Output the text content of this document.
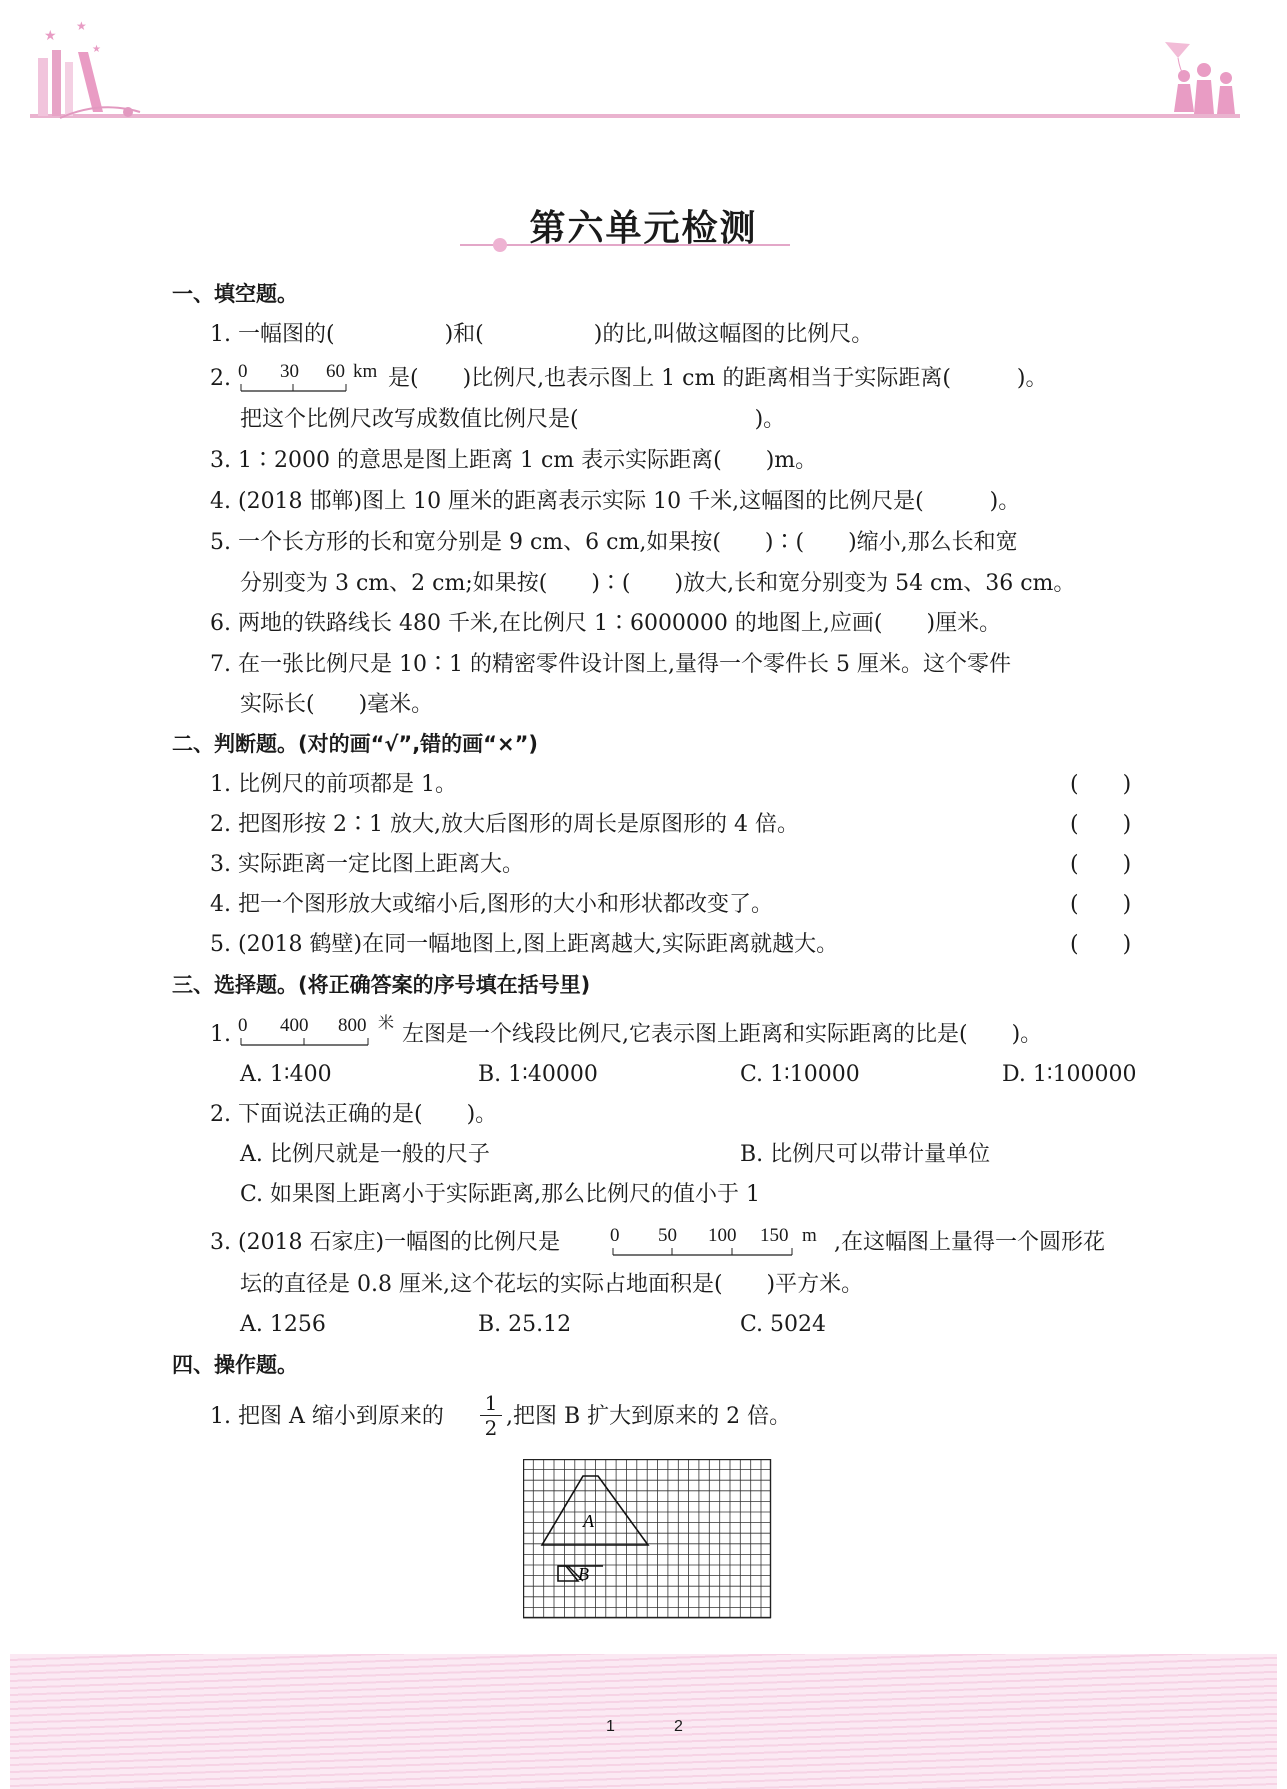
★
★
★
第六单元检测
一、填空题。
1. 一幅图的(　　　　　)和(　　　　　)的比,叫做这幅图的比例尺。
2. 0 30 60 km 是(　　)比例尺,也表示图上 1 cm 的距离相当于实际距离(　　　)。
把这个比例尺改写成数值比例尺是(　　　　　　　　)。
3. 1∶2000 的意思是图上距离 1 cm 表示实际距离(　　)m。
4. (2018 邯郸)图上 10 厘米的距离表示实际 10 千米,这幅图的比例尺是(　　　)。
5. 一个长方形的长和宽分别是 9 cm、6 cm,如果按(　　)∶(　　)缩小,那么长和宽
分别变为 3 cm、2 cm;如果按(　　)∶(　　)放大,长和宽分别变为 54 cm、36 cm。
6. 两地的铁路线长 480 千米,在比例尺 1∶6000000 的地图上,应画(　　)厘米。
7. 在一张比例尺是 10∶1 的精密零件设计图上,量得一个零件长 5 厘米。这个零件
实际长(　　)毫米。
二、判断题。(对的画“√”,错的画“×”)
1. 比例尺的前项都是 1。	(　　)
2. 把图形按 2∶1 放大,放大后图形的周长是原图形的 4 倍。	(　　)
3. 实际距离一定比图上距离大。	(　　)
4. 把一个图形放大或缩小后,图形的大小和形状都改变了。	(　　)
5. (2018 鹤壁)在同一幅地图上,图上距离越大,实际距离就越大。	(　　)
三、选择题。(将正确答案的序号填在括号里)
1. 0 400 800 米 左图是一个线段比例尺,它表示图上距离和实际距离的比是(　　)。
A. 1∶400	B. 1∶40000	C. 1∶10000	D. 1∶100000
2. 下面说法正确的是(　　)。
A. 比例尺就是一般的尺子	B. 比例尺可以带计量单位
C. 如果图上距离小于实际距离,那么比例尺的值小于 1
3. (2018 石家庄)一幅图的比例尺是	0 50 100 150 m ,在这幅图上量得一个圆形花
坛的直径是 0.8 厘米,这个花坛的实际占地面积是(　　)平方米。
A. 1256	B. 25.12	C. 5024
四、操作题。
1. 把图 A 缩小到原来的
1
2 ,把图 B 扩大到原来的 2 倍。
A
B
1	2
